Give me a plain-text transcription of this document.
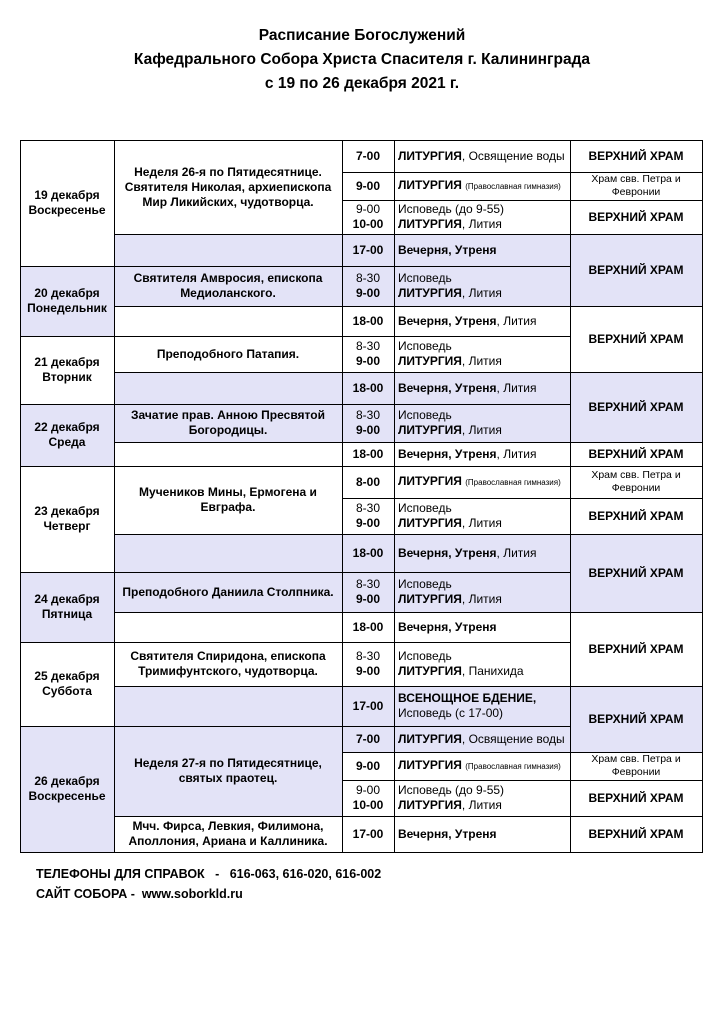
Расписание Богослужений
Кафедрального Собора Христа Спасителя г. Калининграда
с 19 по 26 декабря 2021 г.
19 декабря
Воскресенье
20 декабря
Понедельник
21 декабря
Вторник
22 декабря
Среда
23 декабря
Четверг
24 декабря
Пятница
25 декабря
Суббота
26 декабря
Воскресенье
Неделя 26-я по Пятидесятнице. Святителя Николая, архиепископа Мир Ликийских, чудотворца.
Святителя Амвросия, епископа Медиоланского.
Преподобного Патапия.
Зачатие прав. Анною Пресвятой Богородицы.
Мучеников Мины, Ермогена и Евграфа.
Преподобного Даниила Столпника.
Святителя Спиридона, епископа Тримифунтского, чудотворца.
Неделя 27-я по Пятидесятнице, святых праотец.
Мчч. Фирса, Левкия, Филимона, Аполлония, Ариана и Каллиника.
7-00
9-00
9-00
10-00
17-00
8-30
9-00
18-00
8-30
9-00
18-00
8-30
9-00
18-00
8-00
8-30
9-00
18-00
8-30
9-00
18-00
8-30
9-00
17-00
7-00
9-00
9-00
10-00
17-00
ЛИТУРГИЯ, Освящение воды
ЛИТУРГИЯ (Православная гимназия)
Исповедь (до 9-55)
ЛИТУРГИЯ, Лития
Вечерня, Утреня
Исповедь
ЛИТУРГИЯ, Лития
Вечерня, Утреня, Лития
Исповедь
ЛИТУРГИЯ, Лития
Вечерня, Утреня, Лития
Исповедь
ЛИТУРГИЯ, Лития
Вечерня, Утреня, Лития
ЛИТУРГИЯ (Православная гимназия)
Исповедь
ЛИТУРГИЯ, Лития
Вечерня, Утреня, Лития
Исповедь
ЛИТУРГИЯ, Лития
Вечерня, Утреня
Исповедь
ЛИТУРГИЯ, Панихида
ВСЕНОЩНОЕ БДЕНИЕ,
Исповедь (с 17-00)
ЛИТУРГИЯ, Освящение воды
ЛИТУРГИЯ (Православная гимназия)
Исповедь (до 9-55)
ЛИТУРГИЯ, Лития
Вечерня, Утреня
ВЕРХНИЙ ХРАМ
Храм свв. Петра и Февронии
ВЕРХНИЙ ХРАМ
ВЕРХНИЙ ХРАМ
ВЕРХНИЙ ХРАМ
ВЕРХНИЙ ХРАМ
ВЕРХНИЙ ХРАМ
Храм свв. Петра и Февронии
ВЕРХНИЙ ХРАМ
ВЕРХНИЙ ХРАМ
ВЕРХНИЙ ХРАМ
ВЕРХНИЙ ХРАМ
Храм свв. Петра и Февронии
ВЕРХНИЙ ХРАМ
ВЕРХНИЙ ХРАМ
ТЕЛЕФОНЫ ДЛЯ СПРАВОК   -   616-063, 616-020, 616-002
САЙТ СОБОРА -  www.soborkld.ru
